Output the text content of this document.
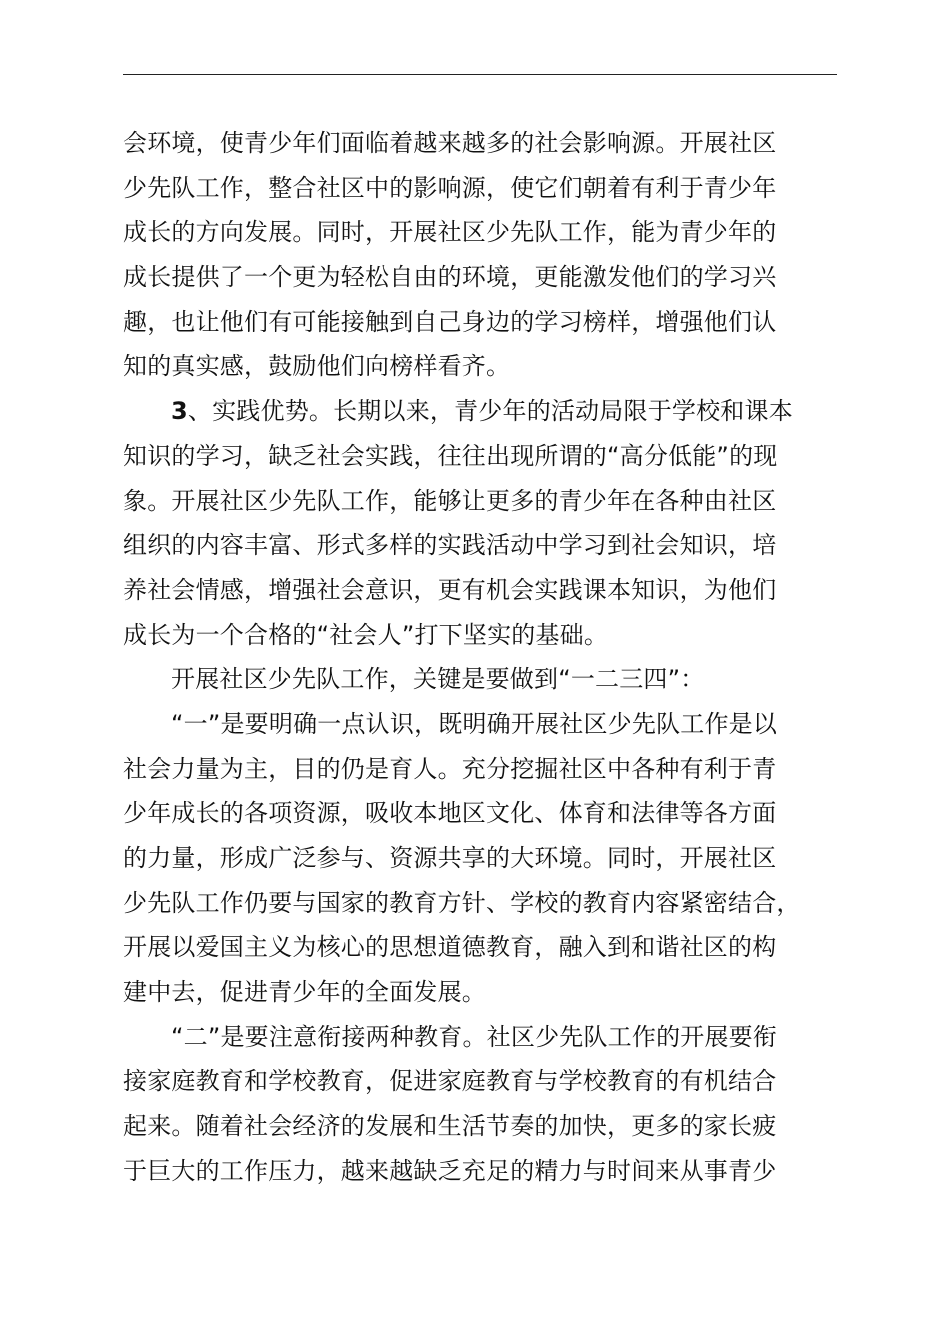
会环境，使青少年们面临着越来越多的社会影响源。开展社区
少先队工作，整合社区中的影响源，使它们朝着有利于青少年
成长的方向发展。同时，开展社区少先队工作，能为青少年的
成长提供了一个更为轻松自由的环境，更能激发他们的学习兴
趣，也让他们有可能接触到自己身边的学习榜样，增强他们认
知的真实感，鼓励他们向榜样看齐。
3、实践优势。长期以来，青少年的活动局限于学校和课本
知识的学习，缺乏社会实践，往往出现所谓的“高分低能”的现
象。开展社区少先队工作，能够让更多的青少年在各种由社区
组织的内容丰富、形式多样的实践活动中学习到社会知识，培
养社会情感，增强社会意识，更有机会实践课本知识，为他们
成长为一个合格的“社会人”打下坚实的基础。
开展社区少先队工作，关键是要做到“一二三四”：
“一”是要明确一点认识，既明确开展社区少先队工作是以
社会力量为主，目的仍是育人。充分挖掘社区中各种有利于青
少年成长的各项资源，吸收本地区文化、体育和法律等各方面
的力量，形成广泛参与、资源共享的大环境。同时，开展社区
少先队工作仍要与国家的教育方针、学校的教育内容紧密结合，
开展以爱国主义为核心的思想道德教育，融入到和谐社区的构
建中去，促进青少年的全面发展。
“二”是要注意衔接两种教育。社区少先队工作的开展要衔
接家庭教育和学校教育，促进家庭教育与学校教育的有机结合
起来。随着社会经济的发展和生活节奏的加快，更多的家长疲
于巨大的工作压力，越来越缺乏充足的精力与时间来从事青少
